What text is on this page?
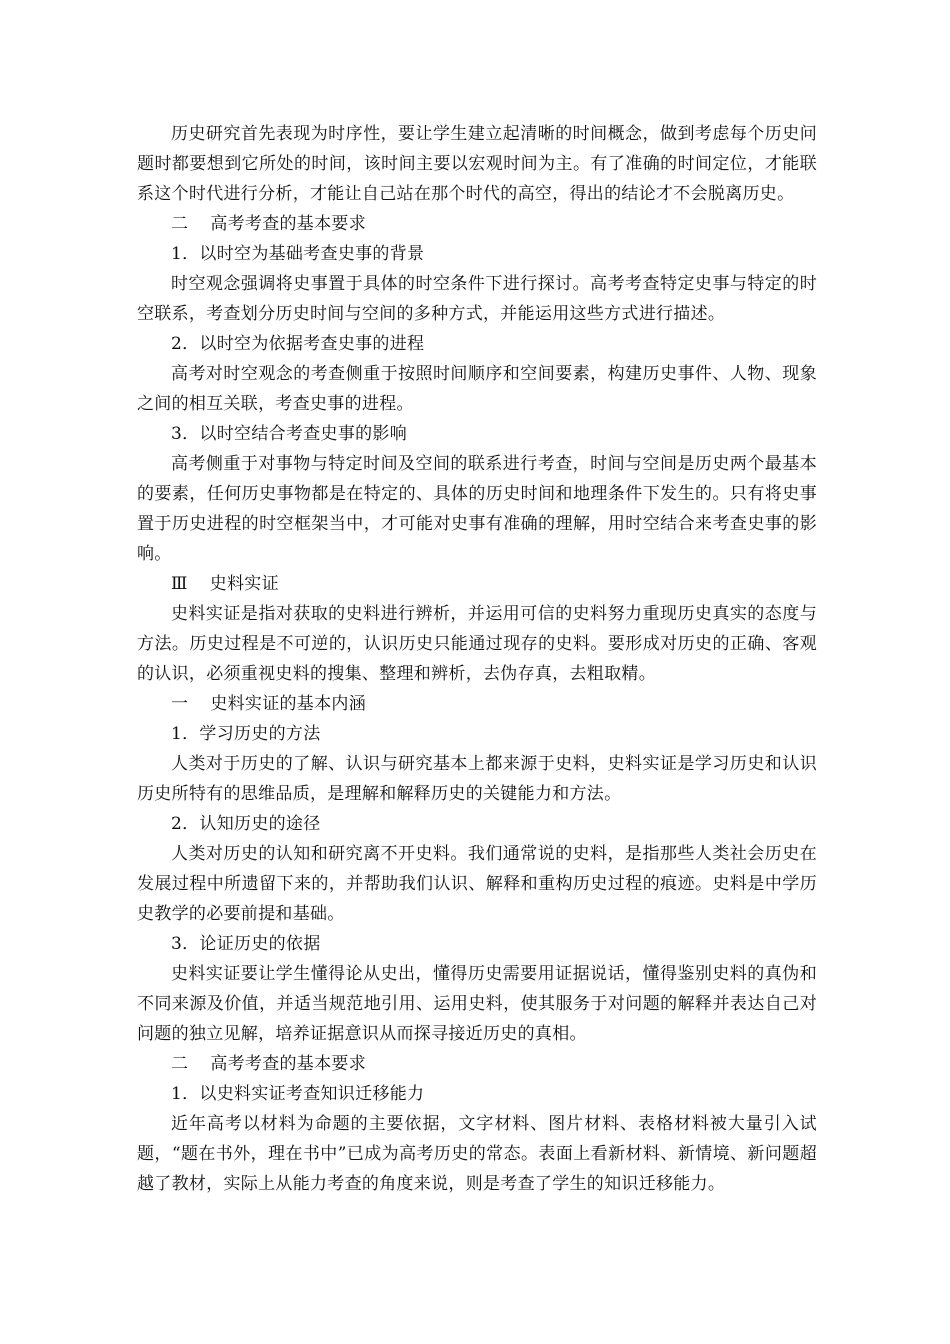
历史研究首先表现为时序性，要让学生建立起清晰的时间概念，做到考虑每个历史问题时都要想到它所处的时间，该时间主要以宏观时间为主。有了准确的时间定位，才能联系这个时代进行分析，才能让自己站在那个时代的高空，得出的结论才不会脱离历史。

二 高考考查的基本要求

1．以时空为基础考查史事的背景

时空观念强调将史事置于具体的时空条件下进行探讨。高考考查特定史事与特定的时空联系，考查划分历史时间与空间的多种方式，并能运用这些方式进行描述。

2．以时空为依据考查史事的进程

高考对时空观念的考查侧重于按照时间顺序和空间要素，构建历史事件、人物、现象之间的相互关联，考查史事的进程。

3．以时空结合考查史事的影响

高考侧重于对事物与特定时间及空间的联系进行考查，时间与空间是历史两个最基本的要素，任何历史事物都是在特定的、具体的历史时间和地理条件下发生的。只有将史事置于历史进程的时空框架当中，才可能对史事有准确的理解，用时空结合来考查史事的影响。

Ⅲ 史料实证

史料实证是指对获取的史料进行辨析，并运用可信的史料努力重现历史真实的态度与方法。历史过程是不可逆的，认识历史只能通过现存的史料。要形成对历史的正确、客观的认识，必须重视史料的搜集、整理和辨析，去伪存真，去粗取精。

一 史料实证的基本内涵

1．学习历史的方法

人类对于历史的了解、认识与研究基本上都来源于史料，史料实证是学习历史和认识历史所特有的思维品质，是理解和解释历史的关键能力和方法。

2．认知历史的途径

人类对历史的认知和研究离不开史料。我们通常说的史料，是指那些人类社会历史在发展过程中所遗留下来的，并帮助我们认识、解释和重构历史过程的痕迹。史料是中学历史教学的必要前提和基础。

3．论证历史的依据

史料实证要让学生懂得论从史出，懂得历史需要用证据说话，懂得鉴别史料的真伪和不同来源及价值，并适当规范地引用、运用史料，使其服务于对问题的解释并表达自己对问题的独立见解，培养证据意识从而探寻接近历史的真相。

二 高考考查的基本要求

1．以史料实证考查知识迁移能力

近年高考以材料为命题的主要依据，文字材料、图片材料、表格材料被大量引入试题，“题在书外，理在书中”已成为高考历史的常态。表面上看新材料、新情境、新问题超越了教材，实际上从能力考查的角度来说，则是考查了学生的知识迁移能力。
